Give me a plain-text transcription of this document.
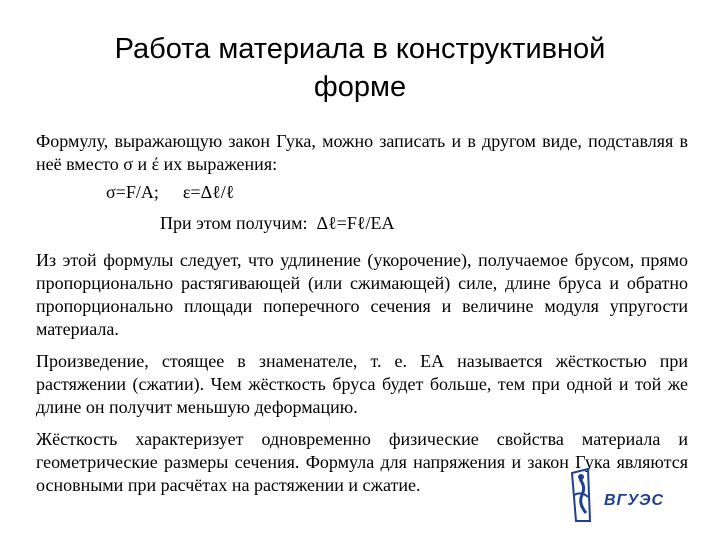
Работа материала в конструктивной
форме

Формулу, выражающую закон Гука, можно записать и в другом виде, подставляя в неё вместо σ и έ их выражения:

Из этой формулы следует, что удлинение (укорочение), получаемое брусом, прямо пропорционально растягивающей (или сжимающей) силе, длине бруса и обратно пропорционально площади поперечного сечения и величине модуля упругости материала.

Произведение, стоящее в знаменателе, т. е. ЕА называется жёсткостью при растяжении (сжатии). Чем жёсткость бруса будет больше, тем при одной и той же длине он получит меньшую деформацию.

Жёсткость характеризует одновременно физические свойства материала и геометрические размеры сечения. Формула для напряжения и закон Гука являются основными при расчётах на растяжении и сжатие.

σ=F/A; ε=Δℓ/ℓ
При этом получим:  Δℓ=Fℓ/EA
ВГУЭС
